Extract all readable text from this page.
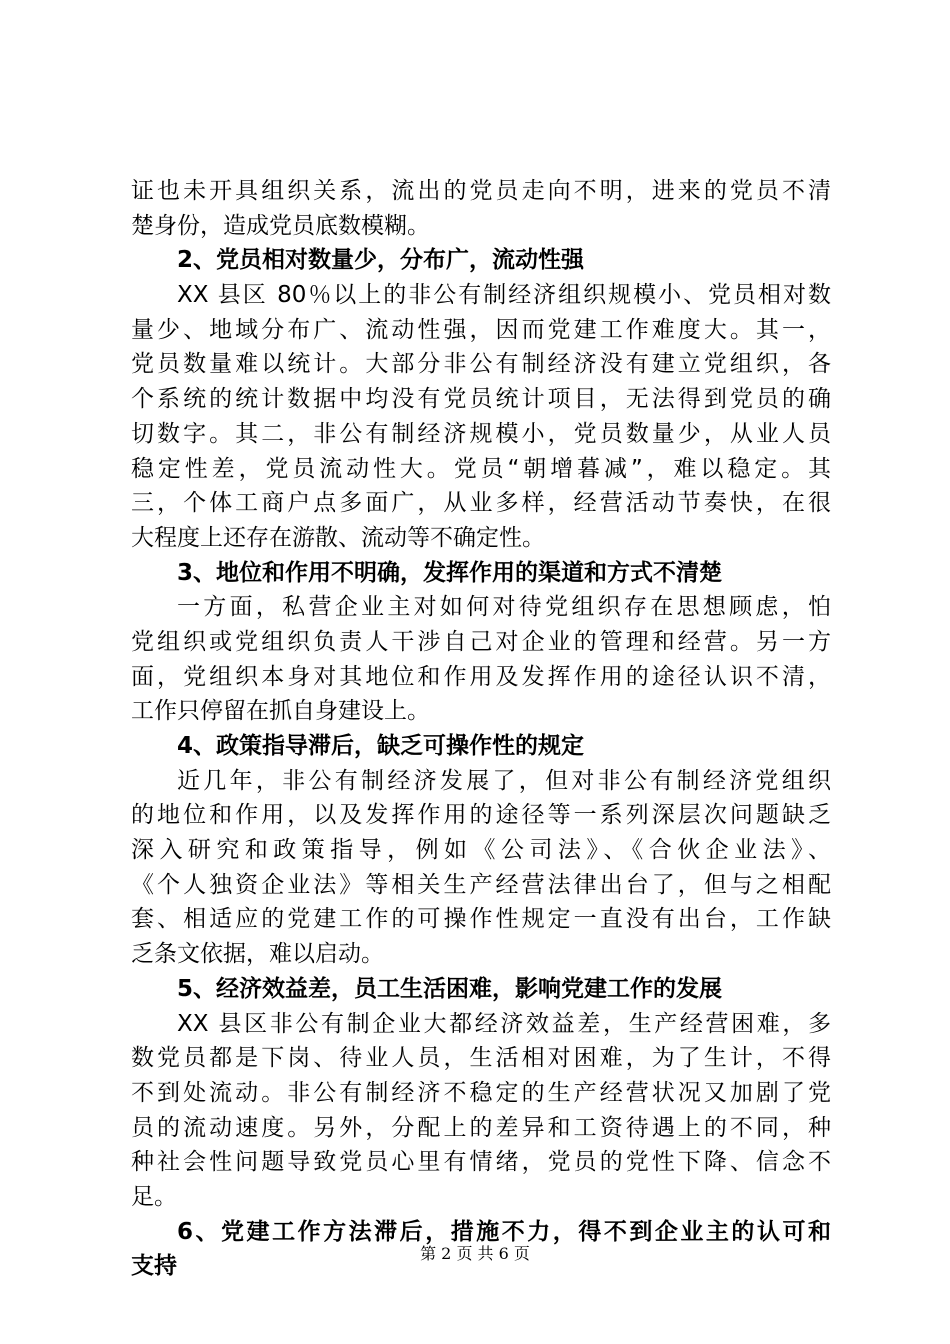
证也未开具组织关系，流出的党员走向不明，进来的党员不清
楚身份，造成党员底数模糊。
2、党员相对数量少，分布广，流动性强
XX 县区 80％以上的非公有制经济组织规模小、党员相对数
量少、地域分布广、流动性强，因而党建工作难度大。其一，
党员数量难以统计。大部分非公有制经济没有建立党组织，各
个系统的统计数据中均没有党员统计项目，无法得到党员的确
切数字。其二，非公有制经济规模小，党员数量少，从业人员
稳定性差，党员流动性大。党员“朝增暮减”，难以稳定。其
三，个体工商户点多面广，从业多样，经营活动节奏快，在很
大程度上还存在游散、流动等不确定性。
3、地位和作用不明确，发挥作用的渠道和方式不清楚
一方面，私营企业主对如何对待党组织存在思想顾虑，怕
党组织或党组织负责人干涉自己对企业的管理和经营。另一方
面，党组织本身对其地位和作用及发挥作用的途径认识不清，
工作只停留在抓自身建设上。
4、政策指导滞后，缺乏可操作性的规定
近几年，非公有制经济发展了，但对非公有制经济党组织
的地位和作用，以及发挥作用的途径等一系列深层次问题缺乏
深入研究和政策指导，例如《公司法》、《合伙企业法》、
《个人独资企业法》等相关生产经营法律出台了，但与之相配
套、相适应的党建工作的可操作性规定一直没有出台，工作缺
乏条文依据，难以启动。
5、经济效益差，员工生活困难，影响党建工作的发展
XX 县区非公有制企业大都经济效益差，生产经营困难，多
数党员都是下岗、待业人员，生活相对困难，为了生计，不得
不到处流动。非公有制经济不稳定的生产经营状况又加剧了党
员的流动速度。另外，分配上的差异和工资待遇上的不同，种
种社会性问题导致党员心里有情绪，党员的党性下降、信念不
足。
6、党建工作方法滞后，措施不力，得不到企业主的认可和
支持	第 2 页 共 6 页
